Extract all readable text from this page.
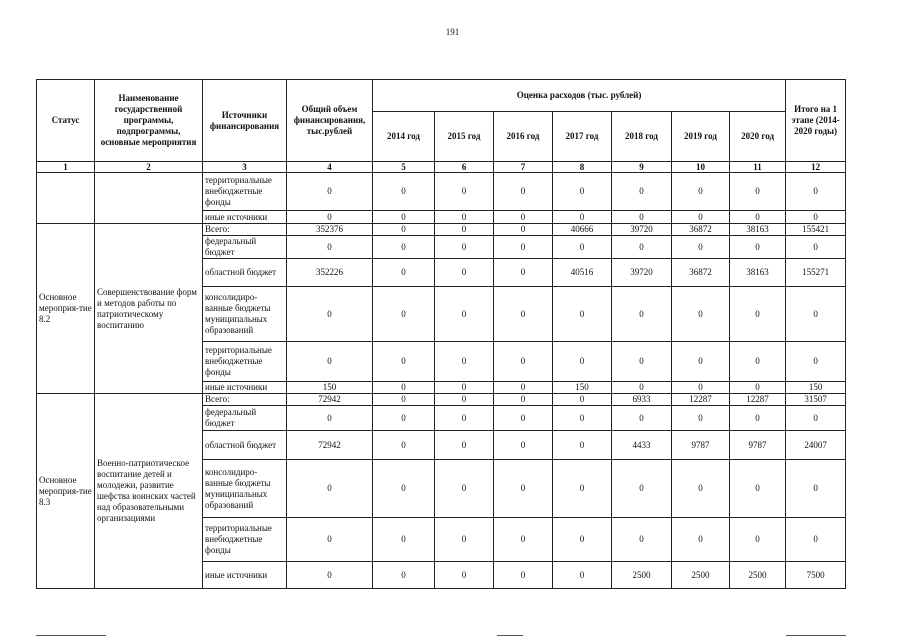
191
Статус	Наименование государственной программы, подпрограммы, основные мероприятия	Источники финансирования	Общий объем финансирования, тыс.рублей	Оценка расходов (тыс. рублей)							Итого на 1 этапе (2014-2020 годы)
				2014 год	2015 год	2016 год	2017 год	2018 год	2019 год	2020 год	
1	2	3	4	5	6	7	8	9	10	11	12
		территориальные внебюджетные фонды	0	0	0	0	0	0	0	0	0
		иные источники	0	0	0	0	0	0	0	0	0
Основное мероприя-тие 8.2	Совершенствование форм и методов работы по патриотическому воспитанию	Всего:	352376	0	0	0	40666	39720	36872	38163	155421
		федеральный бюджет	0	0	0	0	0	0	0	0	0
		областной бюджет	352226	0	0	0	40516	39720	36872	38163	155271
		консолидиро-ванные бюджеты муниципальных образований	0	0	0	0	0	0	0	0	0
		территориальные внебюджетные фонды	0	0	0	0	0	0	0	0	0
		иные источники	150	0	0	0	150	0	0	0	150
Основное мероприя-тие 8.3	Военно-патриотическое воспитание детей и молодежи, развитие шефства воинских частей над образовательными организациями	Всего:	72942	0	0	0	0	6933	12287	12287	31507
		федеральный бюджет	0	0	0	0	0	0	0	0	0
		областной бюджет	72942	0	0	0	0	4433	9787	9787	24007
		консолидиро-ванные бюджеты муниципальных образований	0	0	0	0	0	0	0	0	0
		территориальные внебюджетные фонды	0	0	0	0	0	0	0	0	0
		иные источники	0	0	0	0	0	2500	2500	2500	7500
